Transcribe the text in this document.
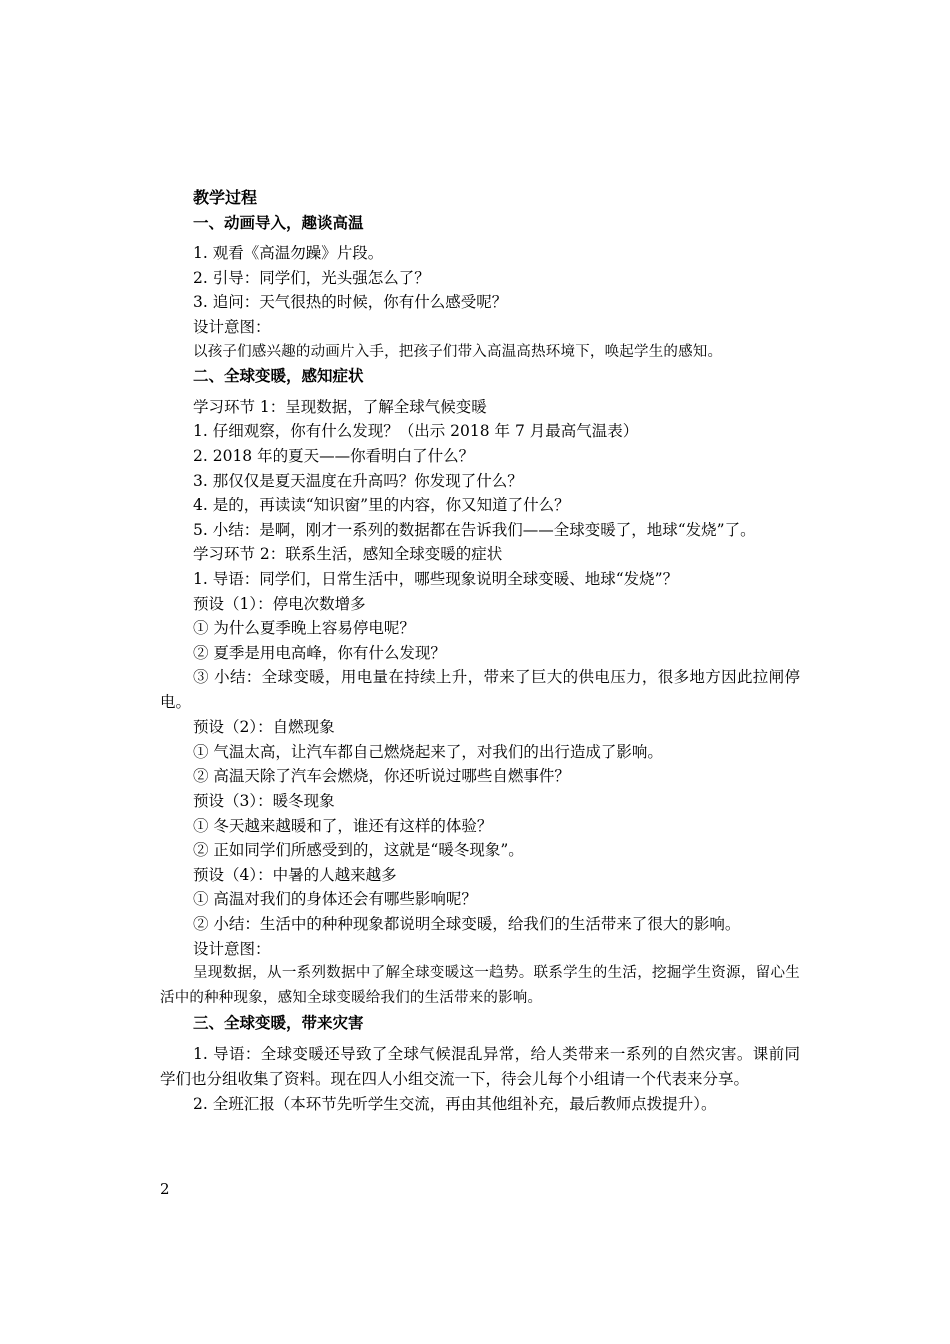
教学过程
一、动画导入，趣谈高温
1. 观看《高温勿躁》片段。
2. 引导：同学们，光头强怎么了？
3. 追问：天气很热的时候，你有什么感受呢？
设计意图：
以孩子们感兴趣的动画片入手，把孩子们带入高温高热环境下，唤起学生的感知。
二、全球变暖，感知症状
学习环节 1：呈现数据，了解全球气候变暖
1. 仔细观察，你有什么发现？（出示 2018 年 7 月最高气温表）
2. 2018 年的夏天——你看明白了什么？
3. 那仅仅是夏天温度在升高吗？你发现了什么？
4. 是的，再读读“知识窗”里的内容，你又知道了什么？
5. 小结：是啊，刚才一系列的数据都在告诉我们——全球变暖了，地球“发烧”了。
学习环节 2：联系生活，感知全球变暖的症状
1. 导语：同学们，日常生活中，哪些现象说明全球变暖、地球“发烧”？
预设（1）：停电次数增多
① 为什么夏季晚上容易停电呢？
② 夏季是用电高峰，你有什么发现？
③ 小结：全球变暖，用电量在持续上升，带来了巨大的供电压力，很多地方因此拉闸停电。
预设（2）：自燃现象
① 气温太高，让汽车都自己燃烧起来了，对我们的出行造成了影响。
② 高温天除了汽车会燃烧，你还听说过哪些自燃事件？
预设（3）：暖冬现象
① 冬天越来越暖和了，谁还有这样的体验？
② 正如同学们所感受到的，这就是“暖冬现象”。
预设（4）：中暑的人越来越多
① 高温对我们的身体还会有哪些影响呢？
② 小结：生活中的种种现象都说明全球变暖，给我们的生活带来了很大的影响。
设计意图：
呈现数据，从一系列数据中了解全球变暖这一趋势。联系学生的生活，挖掘学生资源，留心生活中的种种现象，感知全球变暖给我们的生活带来的影响。
三、全球变暖，带来灾害
1. 导语：全球变暖还导致了全球气候混乱异常，给人类带来一系列的自然灾害。课前同学们也分组收集了资料。现在四人小组交流一下，待会儿每个小组请一个代表来分享。
2. 全班汇报（本环节先听学生交流，再由其他组补充，最后教师点拨提升）。
2
